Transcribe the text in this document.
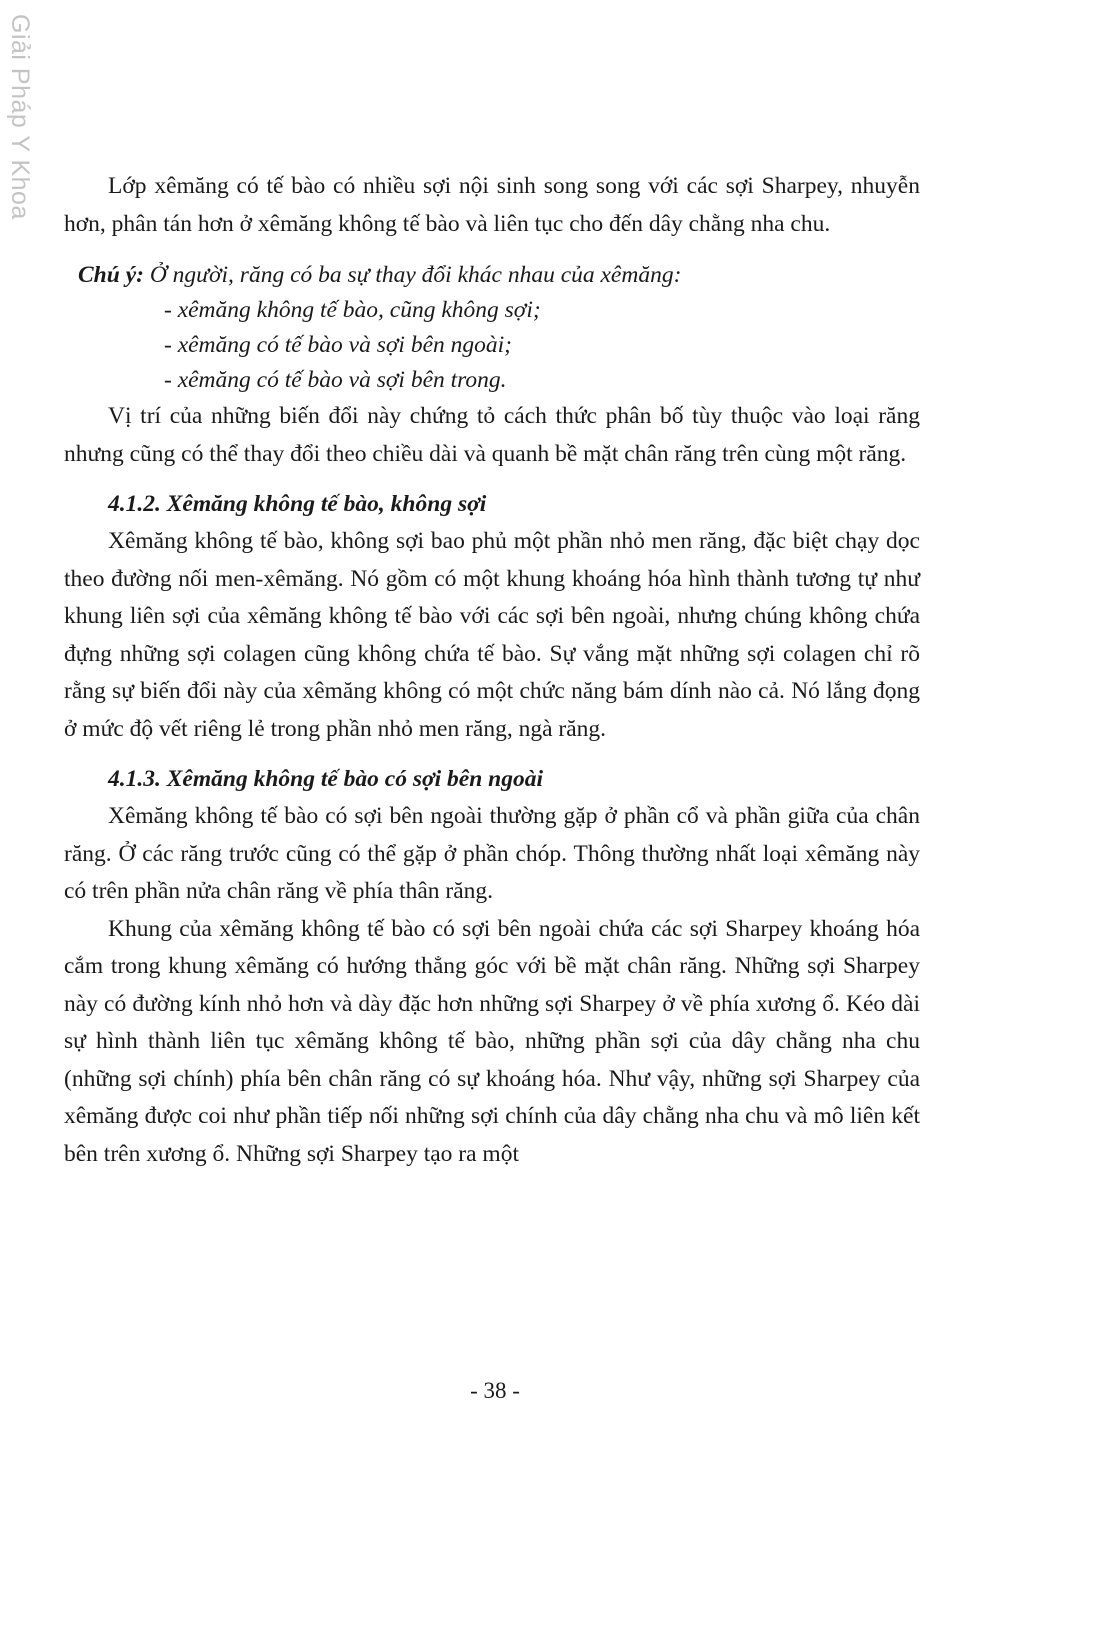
Giải Pháp Y Khoa	Lớp xêmăng có tế bào có nhiều sợi nội sinh song song với các sợi Sharpey, nhuyễn hơn, phân tán hơn ở xêmăng không tế bào và liên tục cho đến dây chằng nha chu.

Chú ý: Ở người, răng có ba sự thay đổi khác nhau của xêmăng:
- xêmăng không tế bào, cũng không sợi;
- xêmăng có tế bào và sợi bên ngoài;
- xêmăng có tế bào và sợi bên trong.

Vị trí của những biến đổi này chứng tỏ cách thức phân bố tùy thuộc vào loại răng nhưng cũng có thể thay đổi theo chiều dài và quanh bề mặt chân răng trên cùng một răng.

4.1.2. Xêmăng không tế bào, không sợi

Xêmăng không tế bào, không sợi bao phủ một phần nhỏ men răng, đặc biệt chạy dọc theo đường nối men-xêmăng. Nó gồm có một khung khoáng hóa hình thành tương tự như khung liên sợi của xêmăng không tế bào với các sợi bên ngoài, nhưng chúng không chứa đựng những sợi colagen cũng không chứa tế bào. Sự vắng mặt những sợi colagen chỉ rõ rằng sự biến đổi này của xêmăng không có một chức năng bám dính nào cả. Nó lắng đọng ở mức độ vết riêng lẻ trong phần nhỏ men răng, ngà răng.

4.1.3. Xêmăng không tế bào có sợi bên ngoài

Xêmăng không tế bào có sợi bên ngoài thường gặp ở phần cổ và phần giữa của chân răng. Ở các răng trước cũng có thể gặp ở phần chóp. Thông thường nhất loại xêmăng này có trên phần nửa chân răng về phía thân răng.

Khung của xêmăng không tế bào có sợi bên ngoài chứa các sợi Sharpey khoáng hóa cắm trong khung xêmăng có hướng thẳng góc với bề mặt chân răng. Những sợi Sharpey này có đường kính nhỏ hơn và dày đặc hơn những sợi Sharpey ở về phía xương ổ. Kéo dài sự hình thành liên tục xêmăng không tế bào, những phần sợi của dây chằng nha chu (những sợi chính) phía bên chân răng có sự khoáng hóa. Như vậy, những sợi Sharpey của xêmăng được coi như phần tiếp nối những sợi chính của dây chằng nha chu và mô liên kết bên trên xương ổ. Những sợi Sharpey tạo ra một

- 38 -
